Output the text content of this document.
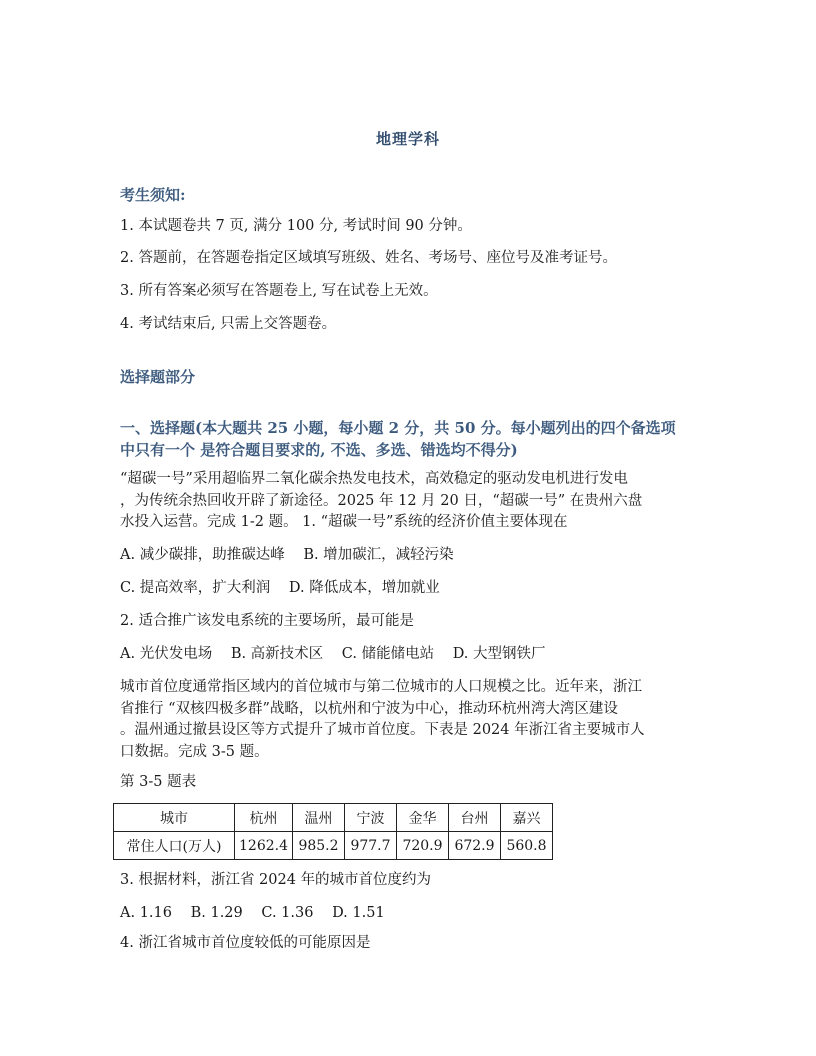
地理学科
考生须知:
1. 本试题卷共 7 页, 满分 100 分, 考试时间 90 分钟。
2. 答题前，在答题卷指定区域填写班级、姓名、考场号、座位号及准考证号。
3. 所有答案必须写在答题卷上, 写在试卷上无效。
4. 考试结束后, 只需上交答题卷。
选择题部分
一、选择题(本大题共 25 小题，每小题 2 分，共 50 分。每小题列出的四个备选项
中只有一个 是符合题目要求的, 不选、多选、错选均不得分)
“超碳一号”采用超临界二氧化碳余热发电技术，高效稳定的驱动发电机进行发电
，为传统余热回收开辟了新途径。2025 年 12 月 20 日，“超碳一号” 在贵州六盘
水投入运营。完成 1-2 题。 1. “超碳一号”系统的经济价值主要体现在
A. 减少碳排，助推碳达峰 B. 增加碳汇，减轻污染
C. 提高效率，扩大利润 D. 降低成本，增加就业
2. 适合推广该发电系统的主要场所，最可能是
A. 光伏发电场 B. 高新技术区 C. 储能储电站 D. 大型钢铁厂
城市首位度通常指区域内的首位城市与第二位城市的人口规模之比。近年来，浙江
省推行 “双核四极多群”战略，以杭州和宁波为中心，推动环杭州湾大湾区建设
。温州通过撤县设区等方式提升了城市首位度。下表是 2024 年浙江省主要城市人
口数据。完成 3-5 题。
第 3-5 题表
城市	杭州	温州	宁波	金华	台州	嘉兴
常住人口(万人)	1262.4	985.2	977.7	720.9	672.9	560.8
3. 根据材料，浙江省 2024 年的城市首位度约为
A. 1.16 B. 1.29 C. 1.36 D. 1.51
4. 浙江省城市首位度较低的可能原因是
